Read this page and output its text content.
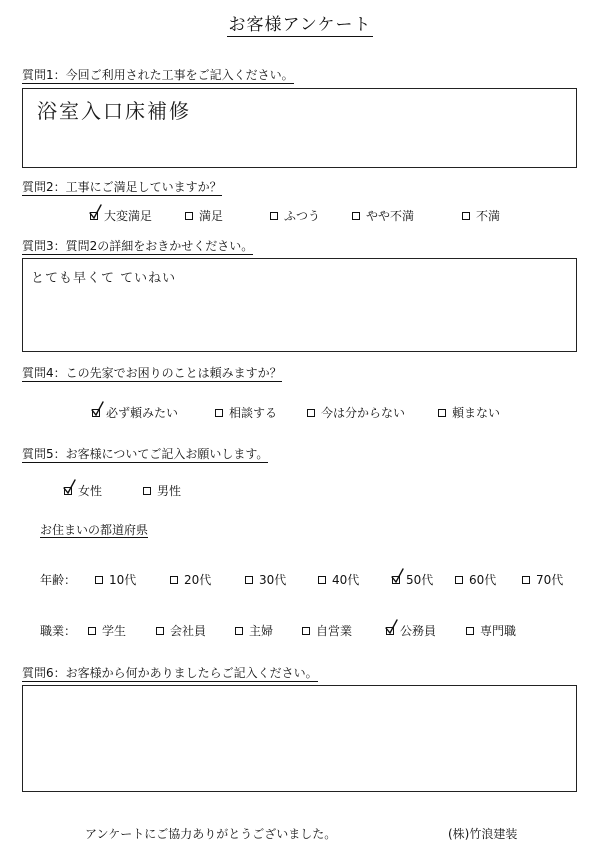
お客様アンケート
質問1：今回ご利用された工事をご記入ください。
浴室入口床補修
質問2：工事にご満足していますか？
大変満足	満足	ふつう	やや不満	不満
質問3：質問2の詳細をおきかせください。
とても早くて ていねい
質問4：この先家でお困りのことは頼みますか？
必ず頼みたい	相談する	今は分からない	頼まない
質問5：お客様についてご記入お願いします。
女性	男性
お住まいの都道府県
年齢：	10代	20代	30代	40代	50代	60代	70代
職業： 学生	会社員	主婦	自営業	公務員	専門職
質問6：お客様から何かありましたらご記入ください。
アンケートにご協力ありがとうございました。	(株)竹浪建装
